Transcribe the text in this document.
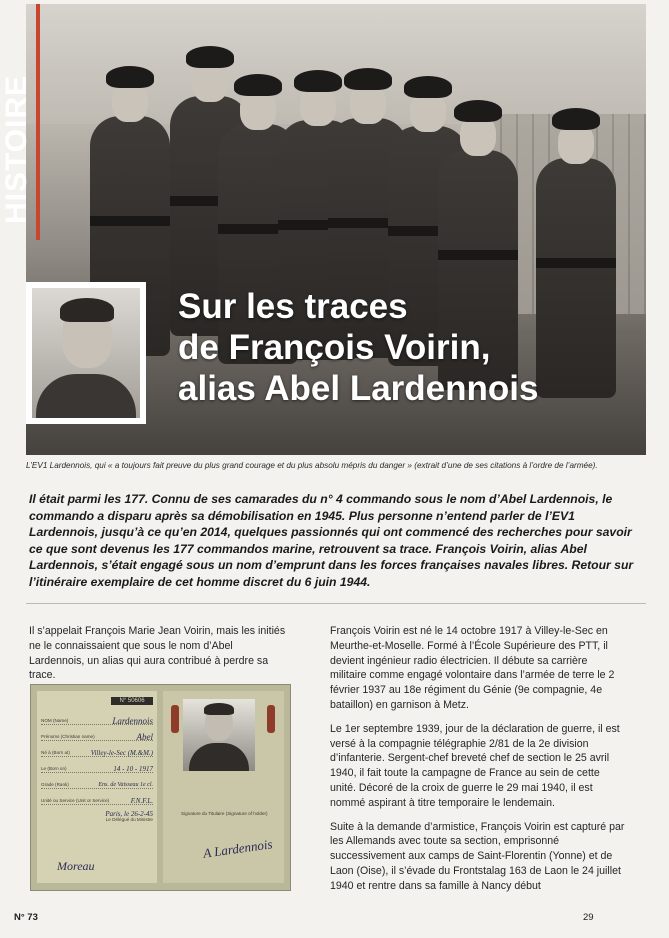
HISTOIRE
Sur les traces
de François Voirin,
alias Abel Lardennois

L’EV1 Lardennois, qui « a toujours fait preuve du plus grand courage et du plus absolu mépris du danger » (extrait d’une de ses citations à l’ordre de l’armée).

Il était parmi les 177. Connu de ses camarades du n° 4 commando sous le nom d’Abel Lardennois, le commando a disparu après sa démobilisation en 1945. Plus personne n’entend parler de l’EV1 Lardennois, jusqu’à ce qu’en 2014, quelques passionnés qui ont commencé des recherches pour savoir ce que sont devenus les 177 commandos marine, retrouvent sa trace. François Voirin, alias Abel Lardennois, s’était engagé sous un nom d’emprunt dans les forces françaises navales libres. Retour sur l’itinéraire exemplaire de cet homme discret du 6 juin 1944.

Il s’appelait François Marie Jean Voirin, mais les initiés ne le connaissaient que sous le nom d’Abel Lardennois, un alias qui aura contribué à perdre sa trace.

N° 50606
NOM (Name)	Lardennois
Prénoms (Christian name)	Abel
Né à (Born at)	Villey-le-Sec (M.&M.)
Le (Born on)	14 - 10 - 1917
Grade (Rank)	Ens. de Vaisseau 1e cl.
Unité ou Service (Unit or Service)	F.N.F.L.
Paris, le 26-2-45
Le Délégué du Ministre
Moreau
Signature du Titulaire (Signature of holder)
A Lardennois

François Voirin est né le 14 octobre 1917 à Villey-le-Sec en Meurthe-et-Moselle. Formé à l’École Supérieure des PTT, il devient ingénieur radio électricien. Il débute sa carrière militaire comme engagé volontaire dans l’armée de terre le 2 février 1937 au 18e régiment du Génie (9e compagnie, 4e bataillon) en garnison à Metz.

Le 1er septembre 1939, jour de la déclaration de guerre, il est versé à la compagnie télégraphie 2/81 de la 2e division d’infanterie. Sergent-chef breveté chef de section le 25 avril 1940, il fait toute la campagne de France au sein de cette unité. Décoré de la croix de guerre le 29 mai 1940, il est nommé aspirant à titre temporaire le lendemain.

Suite à la demande d’armistice, François Voirin est capturé par les Allemands avec toute sa section, emprisonné successivement aux camps de Saint-Florentin (Yonne) et de Laon (Oise), il s’évade du Frontstalag 163 de Laon le 24 juillet 1940 et rentre dans sa famille à Nancy début

N° 73	29
